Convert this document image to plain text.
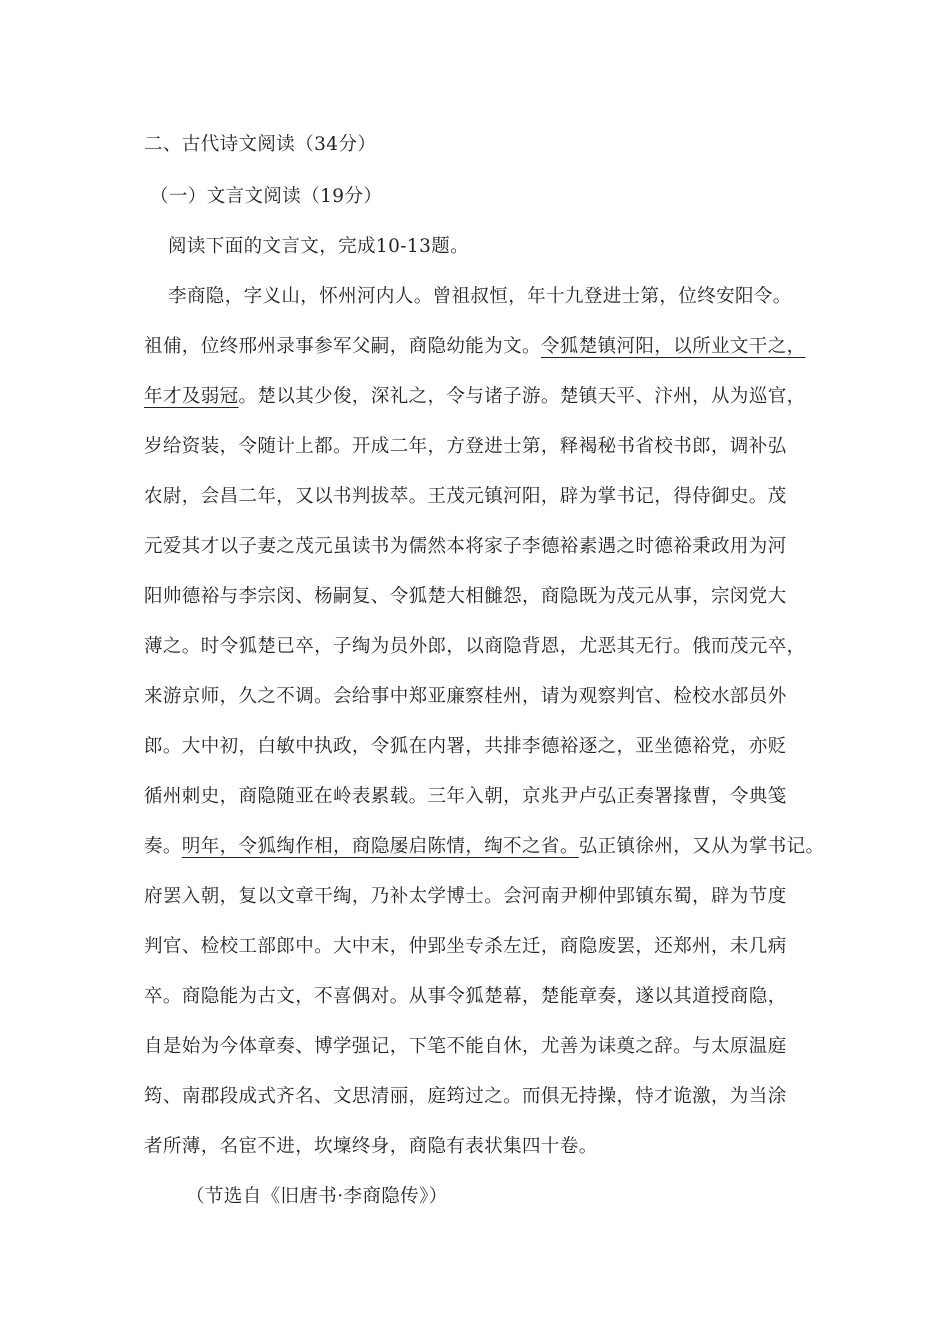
二、古代诗文阅读（34分）
（一）文言文阅读（19分）
阅读下面的文言文，完成10-13题。
李商隐，字义山，怀州河内人。曾祖叔恒，年十九登进士第，位终安阳令。
祖俌，位终邢州录事参军父嗣，商隐幼能为文。令狐楚镇河阳，以所业文干之，
年才及弱冠。楚以其少俊，深礼之，令与诸子游。楚镇天平、汴州，从为巡官，
岁给资装，令随计上都。开成二年，方登进士第，释褐秘书省校书郎，调补弘
农尉，会昌二年，又以书判拔萃。王茂元镇河阳，辟为掌书记，得侍御史。茂
元爱其才以子妻之茂元虽读书为儒然本将家子李德裕素遇之时德裕秉政用为河
阳帅德裕与李宗闵、杨嗣复、令狐楚大相雠怨，商隐既为茂元从事，宗闵党大
薄之。时令狐楚已卒，子绹为员外郎，以商隐背恩，尤恶其无行。俄而茂元卒，
来游京师，久之不调。会给事中郑亚廉察桂州，请为观察判官、检校水部员外
郎。大中初，白敏中执政，令狐在内署，共排李德裕逐之，亚坐德裕党，亦贬
循州刺史，商隐随亚在岭表累载。三年入朝，京兆尹卢弘正奏署掾曹，令典笺
奏。明年，令狐绹作相，商隐屡启陈情，绹不之省。弘正镇徐州，又从为掌书记。
府罢入朝，复以文章干绹，乃补太学博士。会河南尹柳仲郢镇东蜀，辟为节度
判官、检校工部郎中。大中末，仲郢坐专杀左迁，商隐废罢，还郑州，未几病
卒。商隐能为古文，不喜偶对。从事令狐楚幕，楚能章奏，遂以其道授商隐，
自是始为今体章奏、博学强记，下笔不能自休，尤善为诔奠之辞。与太原温庭
筠、南郡段成式齐名、文思清丽，庭筠过之。而俱无持操，恃才诡激，为当涂
者所薄，名宦不进，坎壈终身，商隐有表状集四十卷。
（节选自《旧唐书·李商隐传》）
